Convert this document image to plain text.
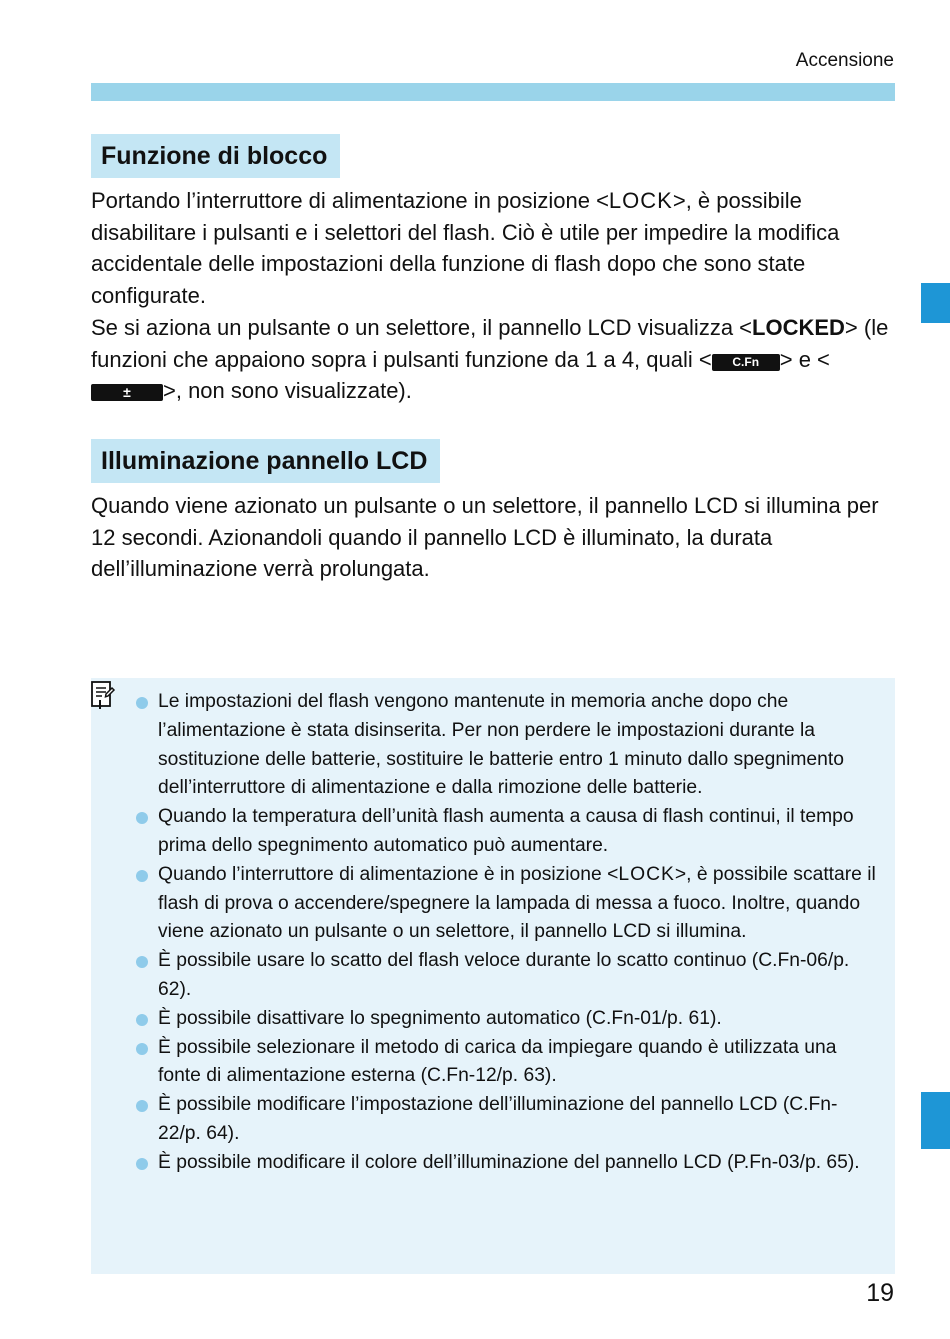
Accensione
Funzione di blocco

Portando l’interruttore di alimentazione in posizione <LOCK>, è possibile disabilitare i pulsanti e i selettori del flash. Ciò è utile per impedire la modifica accidentale delle impostazioni della funzione di flash dopo che sono state configurate.

Se si aziona un pulsante o un selettore, il pannello LCD visualizza <LOCKED> (le funzioni che appaiono sopra i pulsanti funzione da 1 a 4, quali < C.Fn > e <± >, non sono visualizzate).

Illuminazione pannello LCD

Quando viene azionato un pulsante o un selettore, il pannello LCD si illumina per 12 secondi. Azionandoli quando il pannello LCD è illuminato, la durata dell’illuminazione verrà prolungata.

Le impostazioni del flash vengono mantenute in memoria anche dopo che l’alimentazione è stata disinserita. Per non perdere le impostazioni durante la sostituzione delle batterie, sostituire le batterie entro 1 minuto dallo spegnimento dell’interruttore di alimentazione e dalla rimozione delle batterie.
Quando la temperatura dell’unità flash aumenta a causa di flash continui, il tempo prima dello spegnimento automatico può aumentare.
Quando l’interruttore di alimentazione è in posizione <LOCK>, è possibile scattare il flash di prova o accendere/spegnere la lampada di messa a fuoco. Inoltre, quando viene azionato un pulsante o un selettore, il pannello LCD si illumina.
È possibile usare lo scatto del flash veloce durante lo scatto continuo (C.Fn-06/p. 62).
È possibile disattivare lo spegnimento automatico (C.Fn-01/p. 61).
È possibile selezionare il metodo di carica da impiegare quando è utilizzata una fonte di alimentazione esterna (C.Fn-12/p. 63).
È possibile modificare l’impostazione dell’illuminazione del pannello LCD (C.Fn-22/p. 64).
È possibile modificare il colore dell’illuminazione del pannello LCD (P.Fn-03/p. 65).
19
